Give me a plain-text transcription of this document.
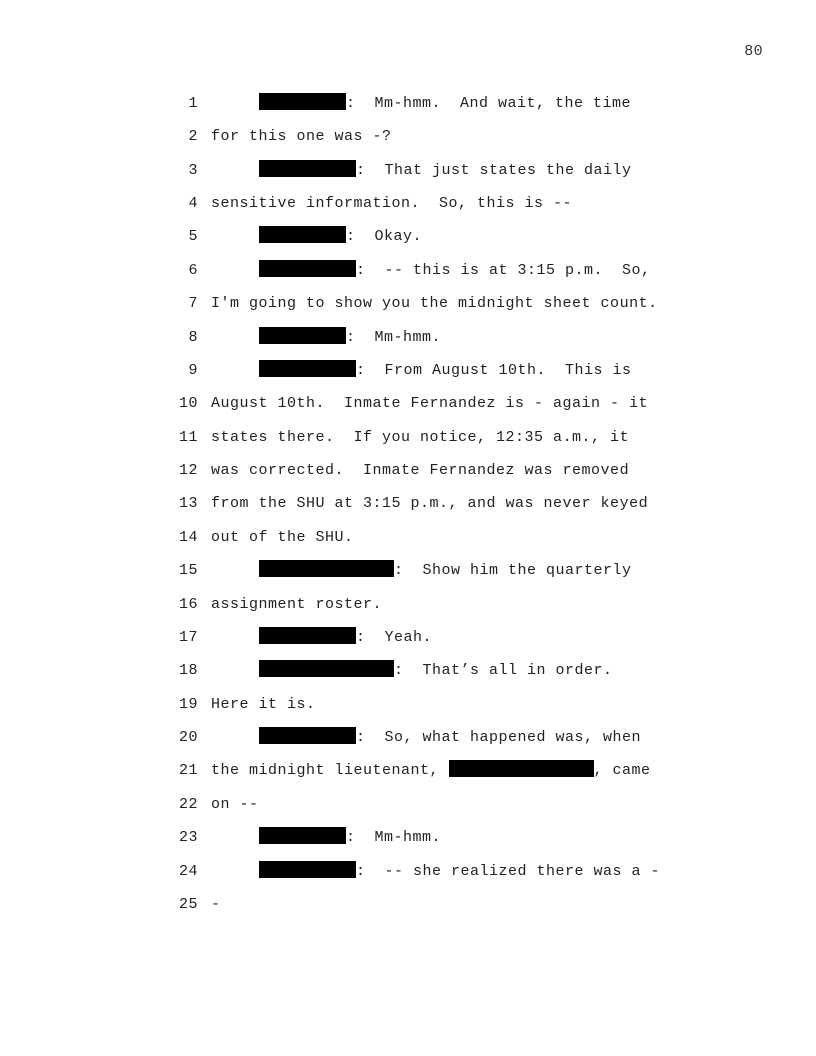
80
1	:  Mm-hmm.  And wait, the time
2 for this one was -?
3	:  That just states the daily
4 sensitive information.  So, this is --
5	:  Okay.
6	:  -- this is at 3:15 p.m.  So,
7 I'm going to show you the midnight sheet count.
8	:  Mm-hmm.
9	:  From August 10th.  This is
10 August 10th.  Inmate Fernandez is - again - it
11 states there.  If you notice, 12:35 a.m., it
12 was corrected.  Inmate Fernandez was removed
13 from the SHU at 3:15 p.m., and was never keyed
14 out of the SHU.
15	:  Show him the quarterly
16 assignment roster.
17	:  Yeah.
18	:  That’s all in order.
19 Here it is.
20	:  So, what happened was, when
21 the midnight lieutenant,	, came
22 on --
23	:  Mm-hmm.
24	:  -- she realized there was a -
25 -
